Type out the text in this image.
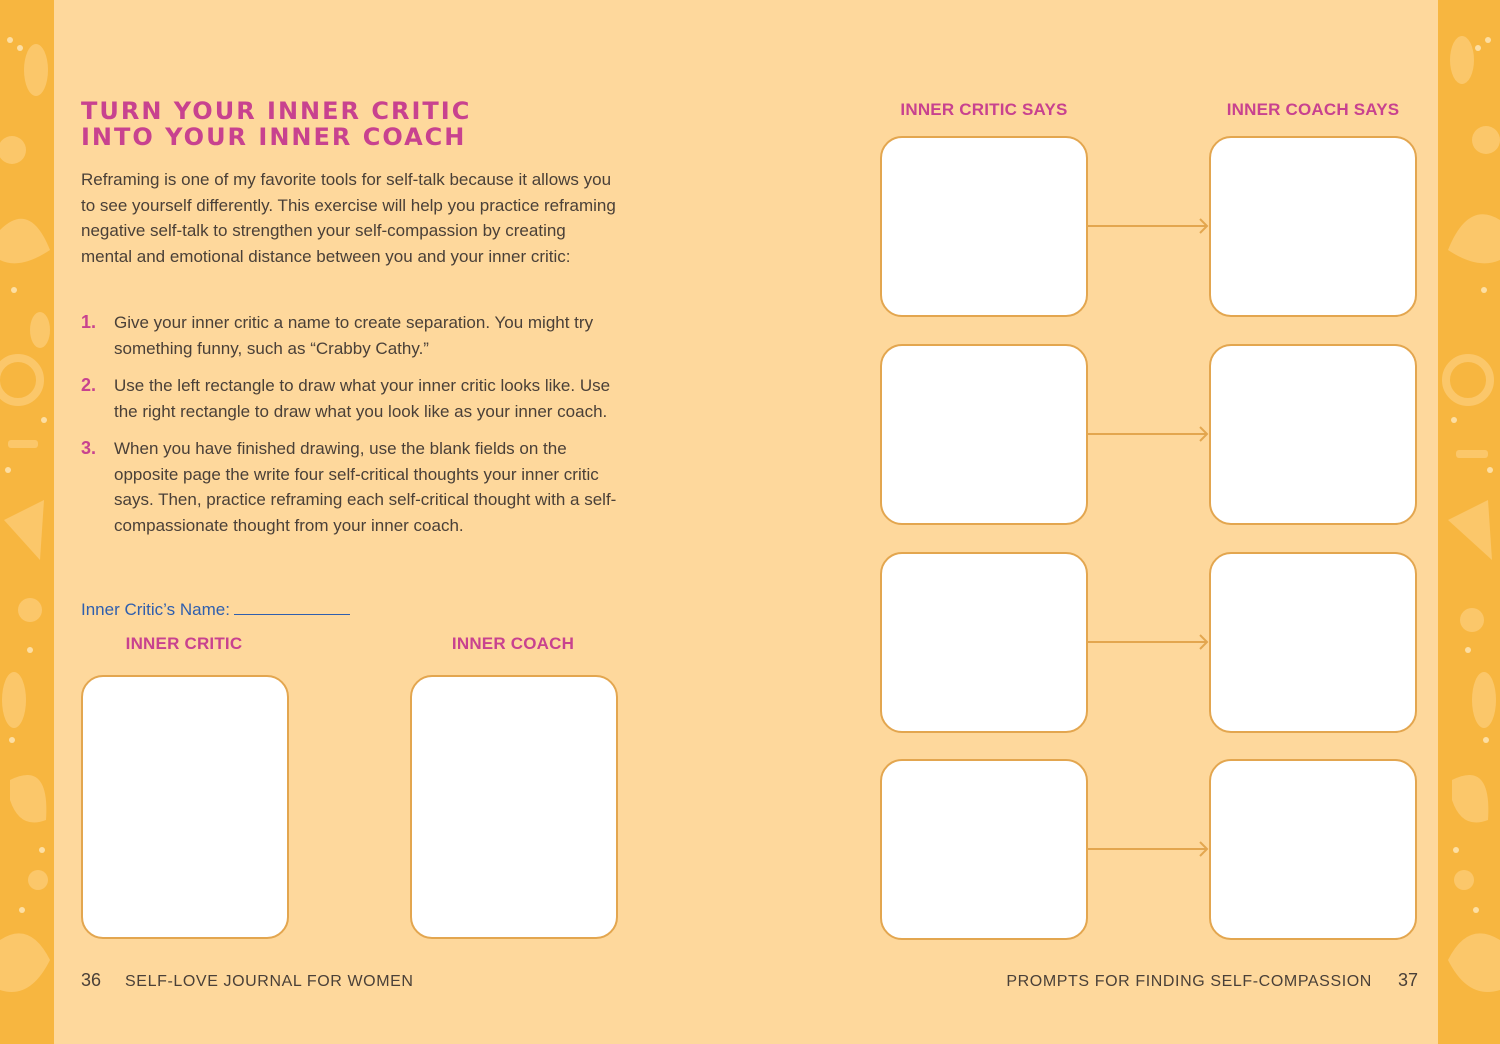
TURN YOUR INNER CRITIC
INTO YOUR INNER COACH

Reframing is one of my favorite tools for self-talk because it allows you to see yourself differently. This exercise will help you practice reframing negative self-talk to strengthen your self-compassion by creating mental and emotional distance between you and your inner critic:

1.	Give your inner critic a name to create separation. You might try something funny, such as “Crabby Cathy.”
2.	Use the left rectangle to draw what your inner critic looks like. Use the right rectangle to draw what you look like as your inner coach.
3.	When you have finished drawing, use the blank fields on the opposite page the write four self-critical thoughts your inner critic says. Then, practice reframing each self-critical thought with a self-compassionate thought from your inner coach.
Inner Critic’s Name:
INNER CRITIC	INNER COACH
INNER CRITIC SAYS	INNER COACH SAYS
36 SELF-LOVE JOURNAL FOR WOMEN	PROMPTS FOR FINDING SELF-COMPASSION 37
